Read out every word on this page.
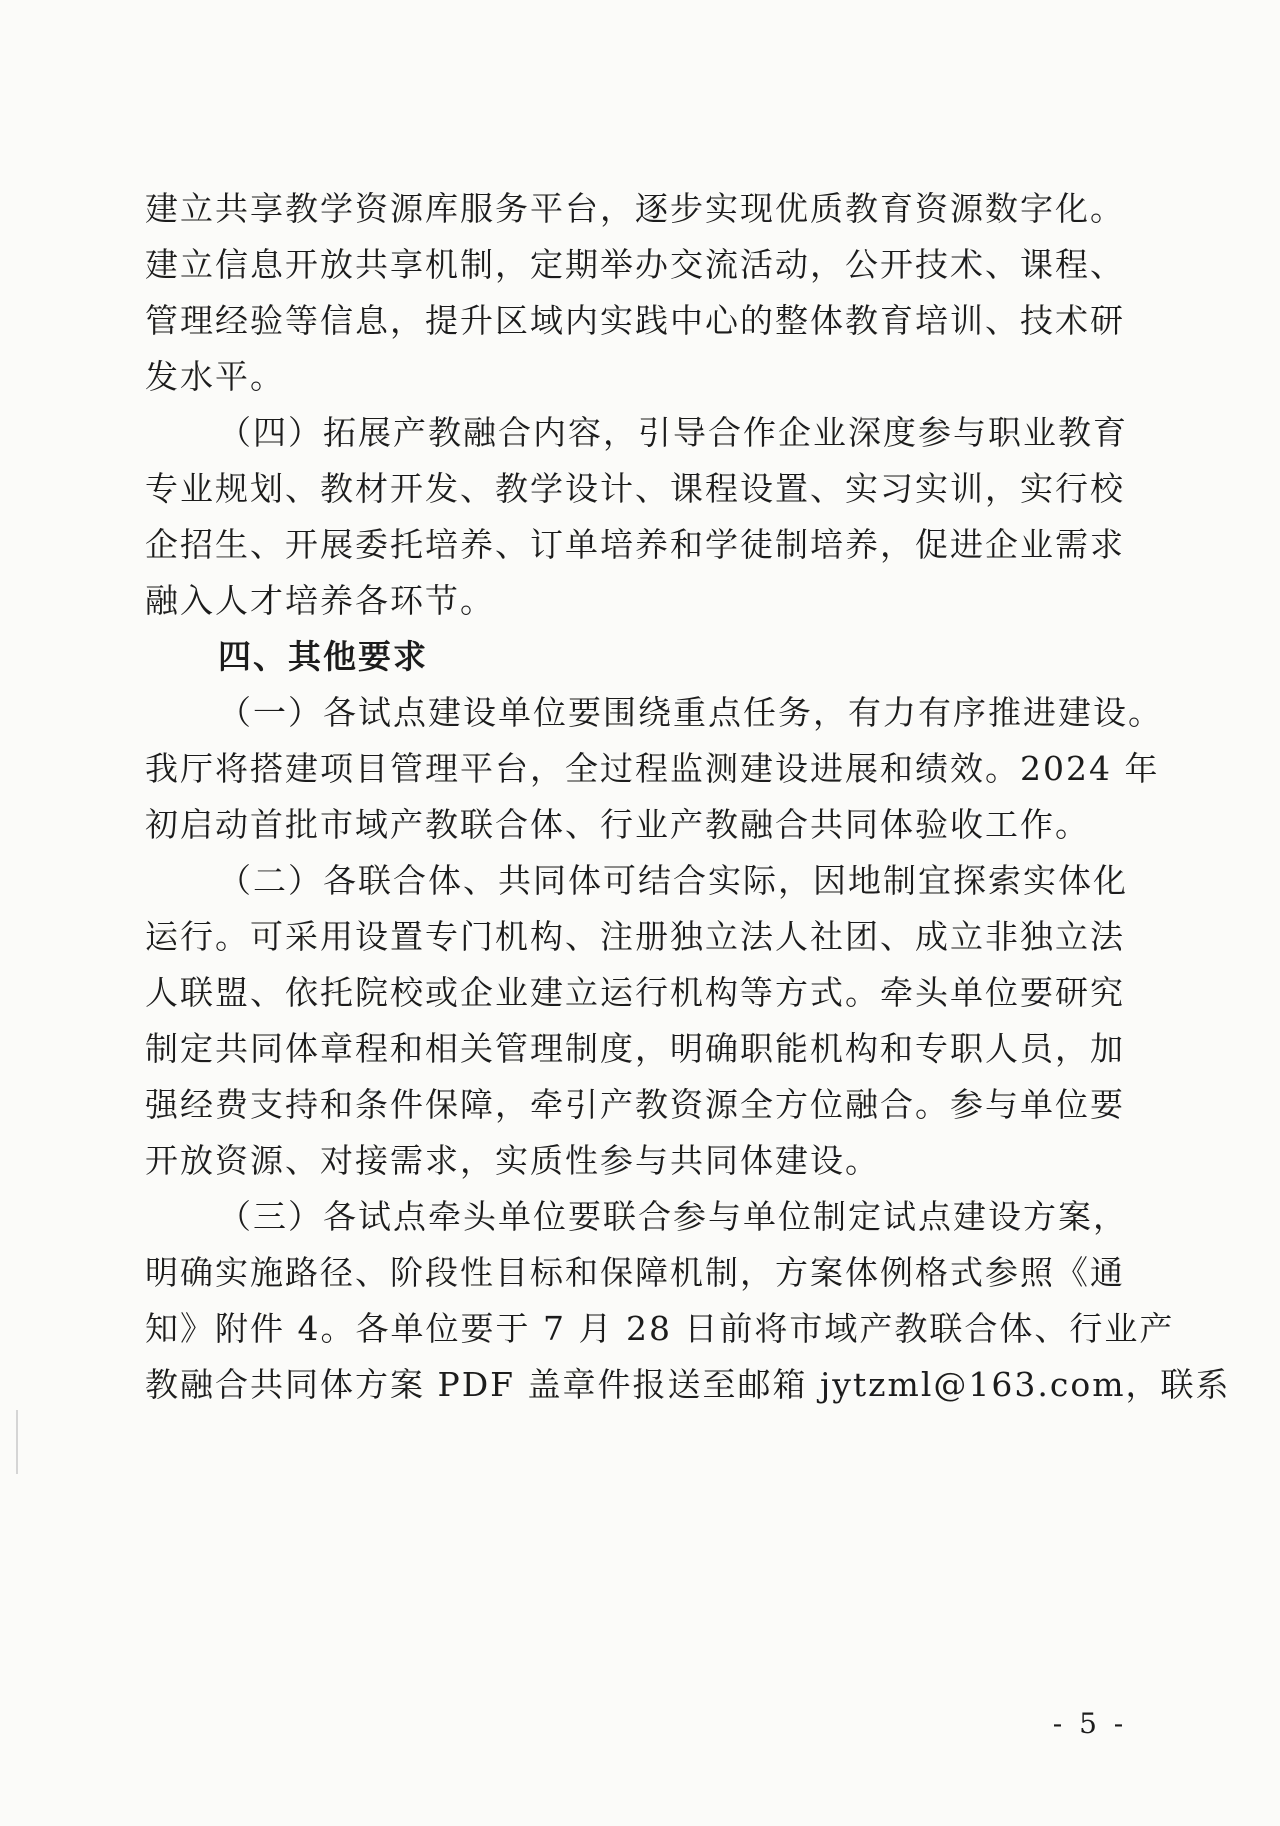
建立共享教学资源库服务平台，逐步实现优质教育资源数字化。
建立信息开放共享机制，定期举办交流活动，公开技术、课程、
管理经验等信息，提升区域内实践中心的整体教育培训、技术研
发水平。
（四）拓展产教融合内容，引导合作企业深度参与职业教育
专业规划、教材开发、教学设计、课程设置、实习实训，实行校
企招生、开展委托培养、订单培养和学徒制培养，促进企业需求
融入人才培养各环节。
四、其他要求
（一）各试点建设单位要围绕重点任务，有力有序推进建设。
我厅将搭建项目管理平台，全过程监测建设进展和绩效。2024 年
初启动首批市域产教联合体、行业产教融合共同体验收工作。
（二）各联合体、共同体可结合实际，因地制宜探索实体化
运行。可采用设置专门机构、注册独立法人社团、成立非独立法
人联盟、依托院校或企业建立运行机构等方式。牵头单位要研究
制定共同体章程和相关管理制度，明确职能机构和专职人员，加
强经费支持和条件保障，牵引产教资源全方位融合。参与单位要
开放资源、对接需求，实质性参与共同体建设。
（三）各试点牵头单位要联合参与单位制定试点建设方案，
明确实施路径、阶段性目标和保障机制，方案体例格式参照《通
知》附件 4。各单位要于 7 月 28 日前将市域产教联合体、行业产
教融合共同体方案 PDF 盖章件报送至邮箱 jytzml@163.com，联系
- 5 -
